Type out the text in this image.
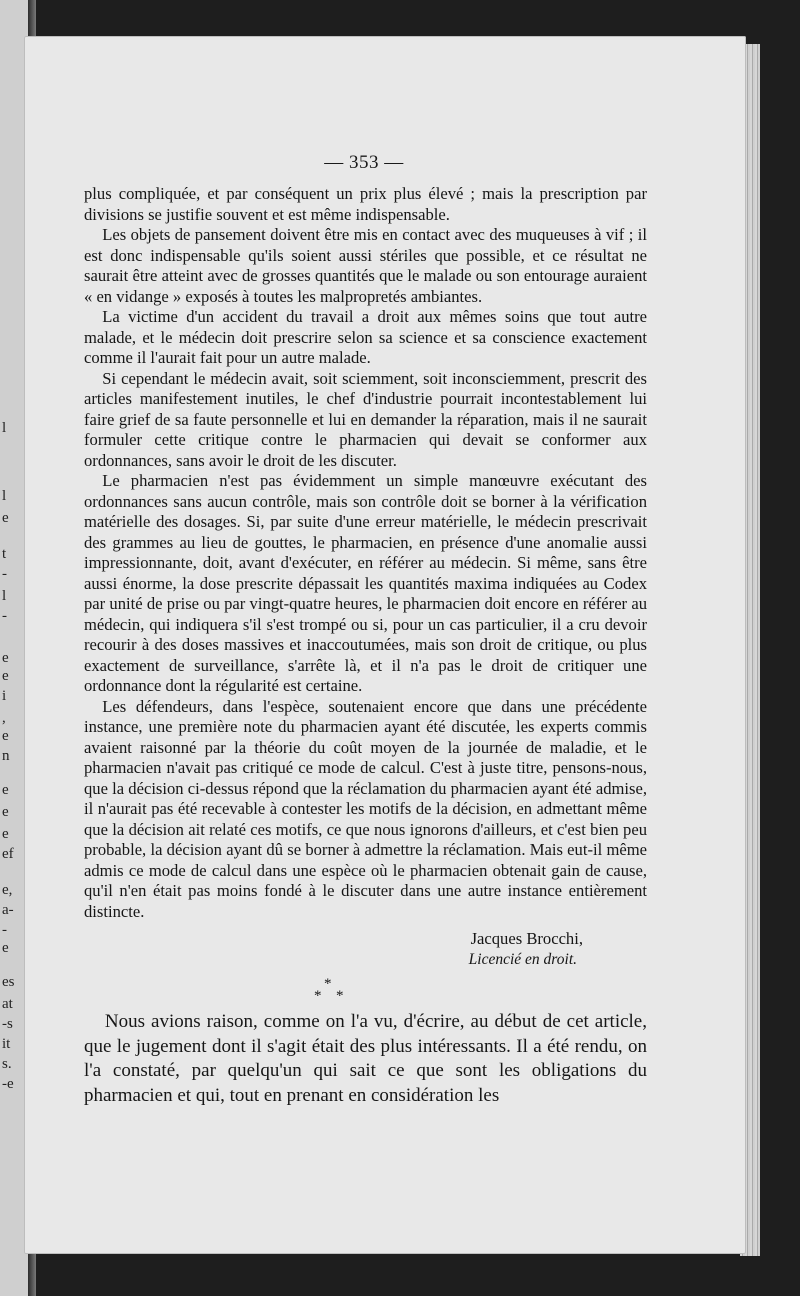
l
l
e
t
-
l
-
e
e
i
,
e
n
e
e
e
ef
e,
a-
-
e
es
at
-s
it
s.
-e
— 353 —

plus compliquée, et par conséquent un prix plus élevé ; mais la prescription par divisions se justifie souvent et est même indispensable.

Les objets de pansement doivent être mis en contact avec des muqueuses à vif ; il est donc indispensable qu'ils soient aussi stériles que possible, et ce résultat ne saurait être atteint avec de grosses quantités que le malade ou son entourage auraient « en vidange » exposés à toutes les malpropretés ambiantes.

La victime d'un accident du travail a droit aux mêmes soins que tout autre malade, et le médecin doit prescrire selon sa science et sa conscience exactement comme il l'aurait fait pour un autre malade.

Si cependant le médecin avait, soit sciemment, soit inconsciemment, prescrit des articles manifestement inutiles, le chef d'industrie pourrait incontestablement lui faire grief de sa faute personnelle et lui en demander la réparation, mais il ne saurait formuler cette critique contre le pharmacien qui devait se conformer aux ordonnances, sans avoir le droit de les discuter.

Le pharmacien n'est pas évidemment un simple manœuvre exécutant des ordonnances sans aucun contrôle, mais son contrôle doit se borner à la vérification matérielle des dosages. Si, par suite d'une erreur matérielle, le médecin prescrivait des grammes au lieu de gouttes, le pharmacien, en présence d'une anomalie aussi impressionnante, doit, avant d'exécuter, en référer au médecin. Si même, sans être aussi énorme, la dose prescrite dépassait les quantités maxima indiquées au Codex par unité de prise ou par vingt-quatre heures, le pharmacien doit encore en référer au médecin, qui indiquera s'il s'est trompé ou si, pour un cas particulier, il a cru devoir recourir à des doses massives et inaccoutumées, mais son droit de critique, ou plus exactement de surveillance, s'arrête là, et il n'a pas le droit de critiquer une ordonnance dont la régularité est certaine.

Les défendeurs, dans l'espèce, soutenaient encore que dans une précédente instance, une première note du pharmacien ayant été discutée, les experts commis avaient raisonné par la théorie du coût moyen de la journée de maladie, et le pharmacien n'avait pas critiqué ce mode de calcul. C'est à juste titre, pensons-nous, que la décision ci-dessus répond que la réclamation du pharmacien ayant été admise, il n'aurait pas été recevable à contester les motifs de la décision, en admettant même que la décision ait relaté ces motifs, ce que nous ignorons d'ailleurs, et c'est bien peu probable, la décision ayant dû se borner à admettre la réclamation. Mais eut-il même admis ce mode de calcul dans une espèce où le pharmacien obtenait gain de cause, qu'il n'en était pas moins fondé à le discuter dans une autre instance entièrement distincte.

Jacques Brocchi,
Licencié en droit.
*
* *

Nous avions raison, comme on l'a vu, d'écrire, au début de cet article, que le jugement dont il s'agit était des plus intéressants. Il a été rendu, on l'a constaté, par quelqu'un qui sait ce que sont les obligations du pharmacien et qui, tout en prenant en considération les
